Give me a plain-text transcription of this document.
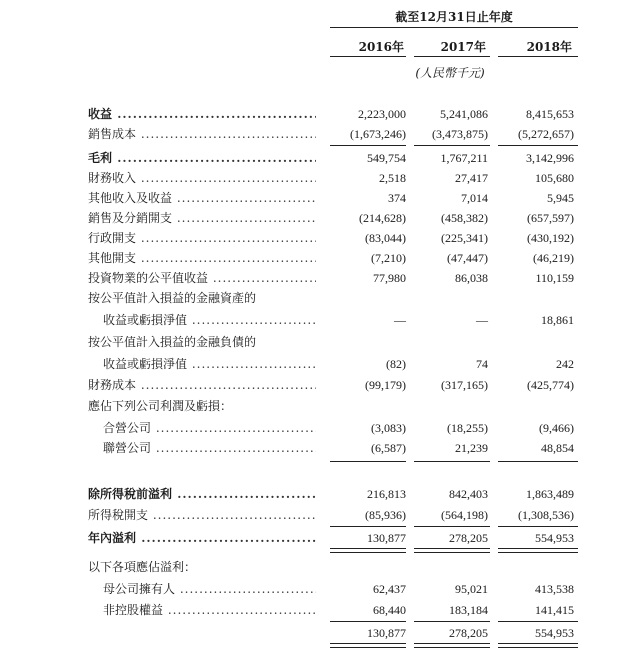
截至12月31日止年度
2016年	2017年	2018年
(人民幣千元)
收益 .....	2,223,000	5,241,086	8,415,653
銷售成本 .....	(1,673,246)	(3,473,875)	(5,272,657)
毛利 .....	549,754	1,767,211	3,142,996
財務收入 .....	2,518	27,417	105,680
其他收入及收益 .....	374	7,014	5,945
銷售及分銷開支 .....	(214,628)	(458,382)	(657,597)
行政開支 .....	(83,044)	(225,341)	(430,192)
其他開支 .....	(7,210)	(47,447)	(46,219)
投資物業的公平值收益 .....	77,980	86,038	110,159
按公平值計入損益的金融資產的
收益或虧損淨值 .....	—	—	18,861
按公平值計入損益的金融負債的
收益或虧損淨值 .....	(82)	74	242
財務成本 .....	(99,179)	(317,165)	(425,774)
應佔下列公司利潤及虧損：
合營公司 .....	(3,083)	(18,255)	(9,466)
聯營公司 .....	(6,587)	21,239	48,854
除所得稅前溢利 .....	216,813	842,403	1,863,489
所得稅開支 .....	(85,936)	(564,198)	(1,308,536)
年內溢利 .....	130,877	278,205	554,953
以下各項應佔溢利：
母公司擁有人 .....	62,437	95,021	413,538
非控股權益 .....	68,440	183,184	141,415
130,877	278,205	554,953
